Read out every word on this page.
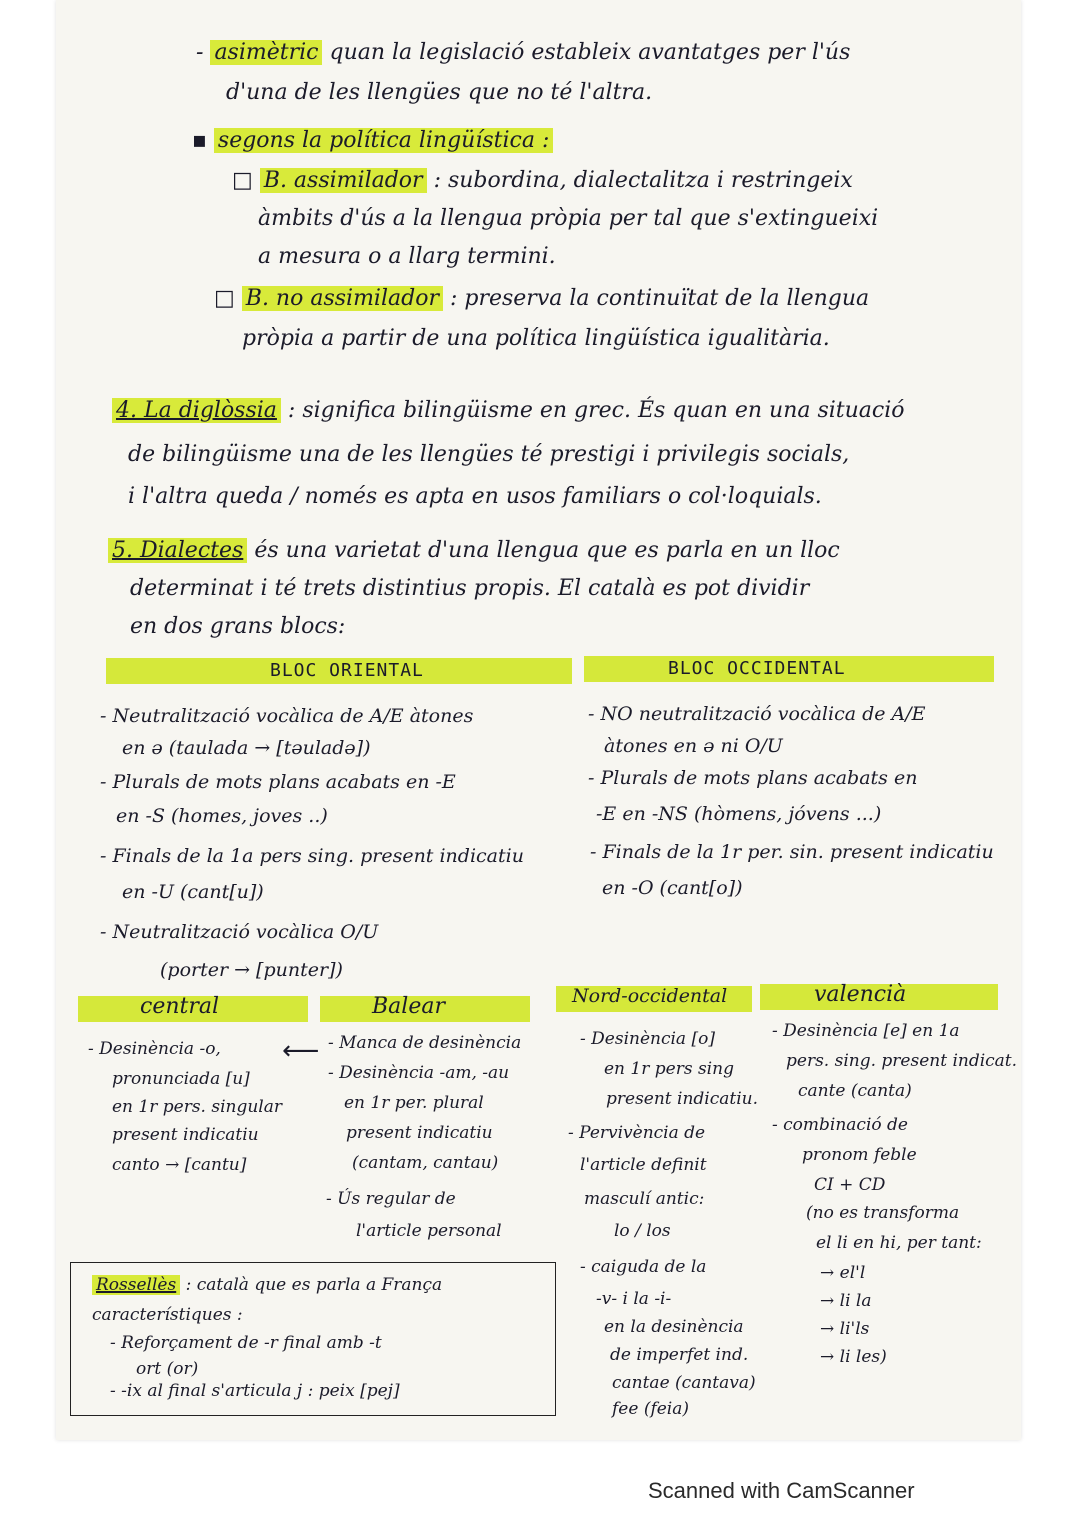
- asimètric quan la legislació estableix avantatges per l'ús
d'una de les llengües que no té l'altra.
▪ segons la política lingüística :
□ B. assimilador : subordina, dialectalitza i restringeix
àmbits d'ús a la llengua pròpia per tal que s'extingueixi
a mesura o a llarg termini.
□ B. no assimilador : preserva la continuïtat de la llengua
pròpia a partir de una política lingüística igualitària.
4. La diglòssia : significa bilingüisme en grec. És quan en una situació
de bilingüisme una de les llengües té prestigi i privilegis socials,
i l'altra queda / només es apta en usos familiars o col·loquials.
5. Dialectes és una varietat d'una llengua que es parla en un lloc
determinat i té trets distintius propis. El català es pot dividir
en dos grans blocs:
BLOC ORIENTAL	BLOC OCCIDENTAL
- Neutralització vocàlica de A/E àtones
en ə (taulada → [təuladə])
- Plurals de mots plans acabats en -E
en -S (homes, joves ..)
- Finals de la 1a pers sing. present indicatiu
en -U (cant[u])
- Neutralització vocàlica O/U
(porter → [punter])
- NO neutralització vocàlica de A/E
àtones en ə ni O/U
- Plurals de mots plans acabats en
-E en -NS (hòmens, jóvens ...)
- Finals de la 1r per. sin. present indicatiu
en -O (cant[o])
central	Balear	Nord-occidental	valencià
- Desinència -o,
pronunciada [u]
en 1r pers. singular
present indicatiu
canto → [cantu]
⟵ - Manca de desinència
- Desinència -am, -au
en 1r per. plural
present indicatiu
(cantam, cantau)
- Ús regular de
l'article personal
- Desinència [o]
en 1r pers sing
present indicatiu.
- Pervivència de
l'article definit
masculí antic:
lo / los
- caiguda de la
-v- i la -i-
en la desinència
de imperfet ind.
cantae (cantava)
fee (feia)
- Desinència [e] en 1a
pers. sing. present indicat.
cante (canta)
- combinació de
pronom feble
CI + CD
(no es transforma
el li en hi, per tant:
→ el'l
→ li la
→ li'ls
→ li les)
Rossellès : català que es parla a França
característiques :
- Reforçament de -r final amb -t
ort (or)
- -ix al final s'articula j : peix [pej]
Scanned with CamScanner
